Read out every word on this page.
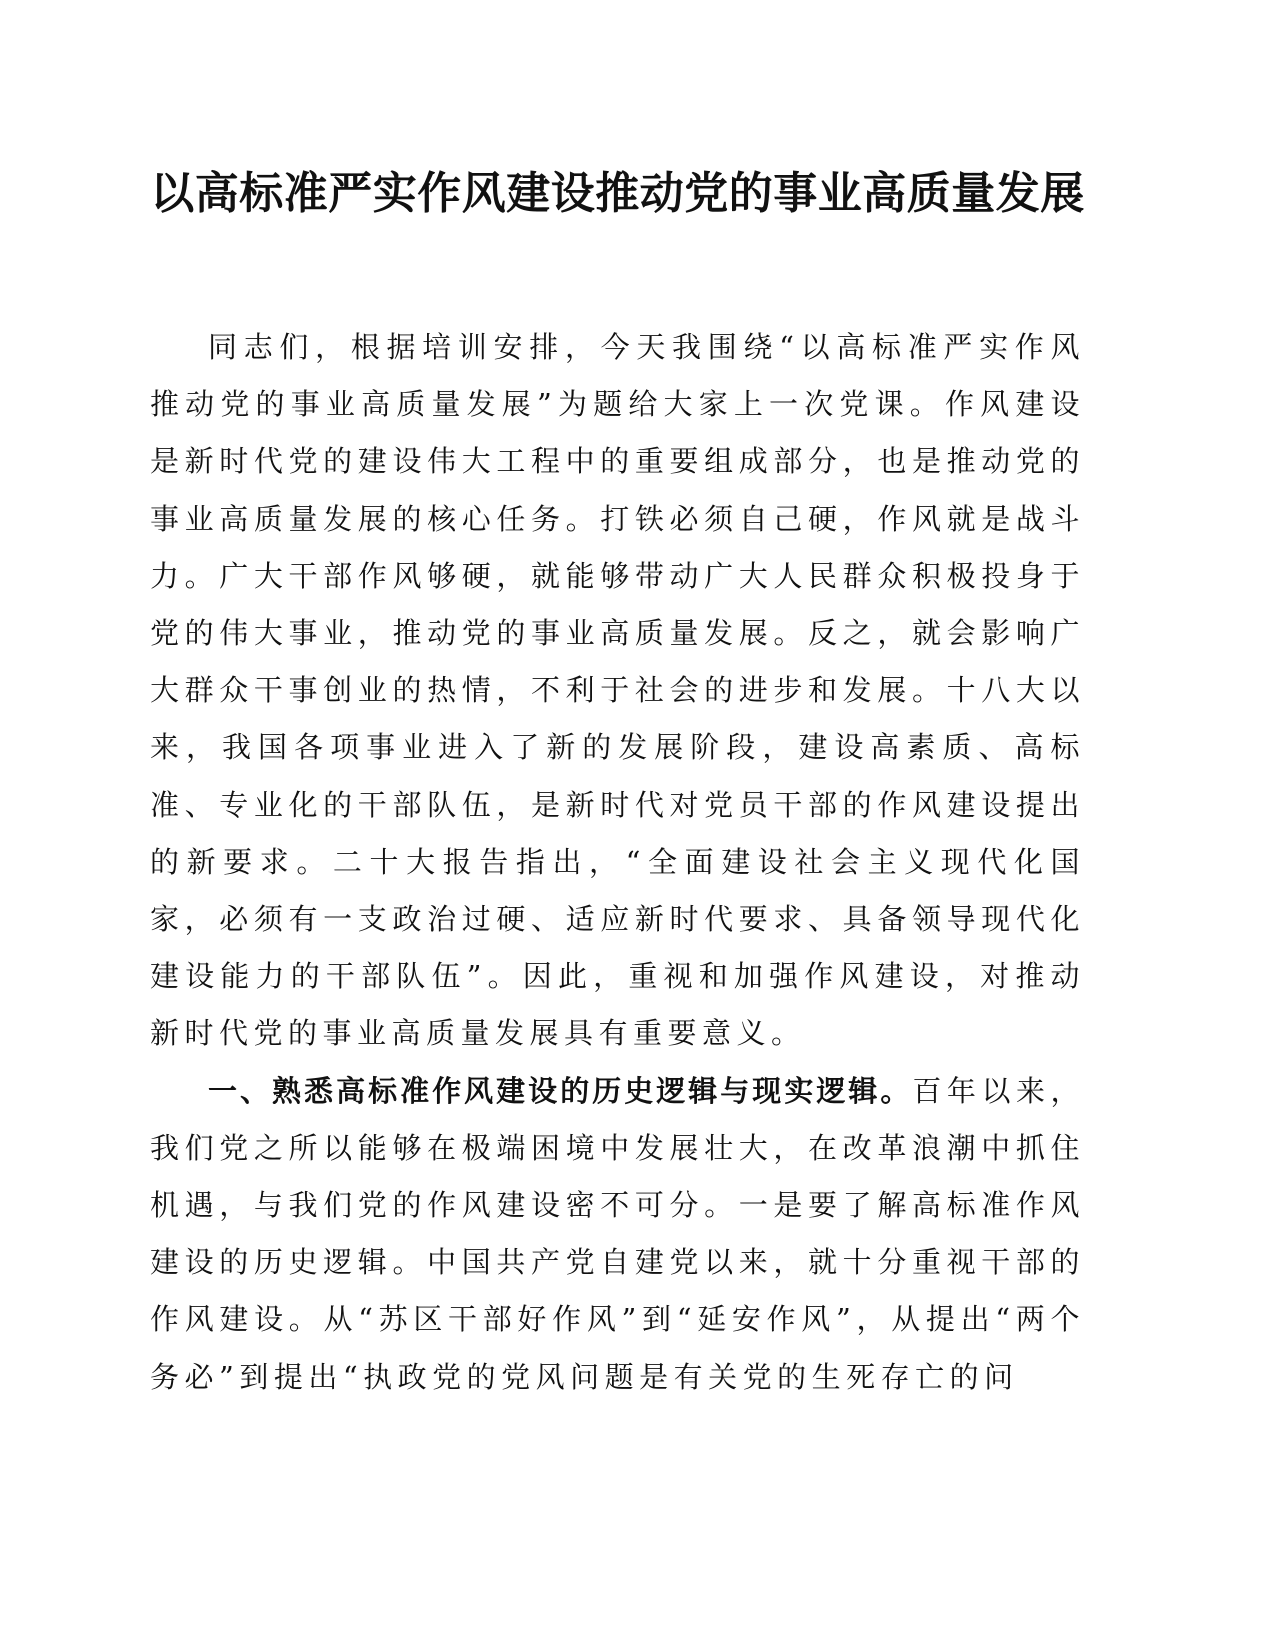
以高标准严实作风建设推动党的事业高质量发展

同志们，根据培训安排，今天我围绕“以高标准严实作风推动党的事业高质量发展”为题给大家上一次党课。作风建设是新时代党的建设伟大工程中的重要组成部分，也是推动党的事业高质量发展的核心任务。打铁必须自己硬，作风就是战斗力。广大干部作风够硬，就能够带动广大人民群众积极投身于党的伟大事业，推动党的事业高质量发展。反之，就会影响广大群众干事创业的热情，不利于社会的进步和发展。十八大以来，我国各项事业进入了新的发展阶段，建设高素质、高标准、专业化的干部队伍，是新时代对党员干部的作风建设提出的新要求。二十大报告指出，“全面建设社会主义现代化国家，必须有一支政治过硬、适应新时代要求、具备领导现代化建设能力的干部队伍”。因此，重视和加强作风建设，对推动新时代党的事业高质量发展具有重要意义。

一、熟悉高标准作风建设的历史逻辑与现实逻辑。百年以来，我们党之所以能够在极端困境中发展壮大，在改革浪潮中抓住机遇，与我们党的作风建设密不可分。一是要了解高标准作风建设的历史逻辑。中国共产党自建党以来，就十分重视干部的作风建设。从“苏区干部好作风”到“延安作风”，从提出“两个务必”到提出“执政党的党风问题是有关党的生死存亡的问
